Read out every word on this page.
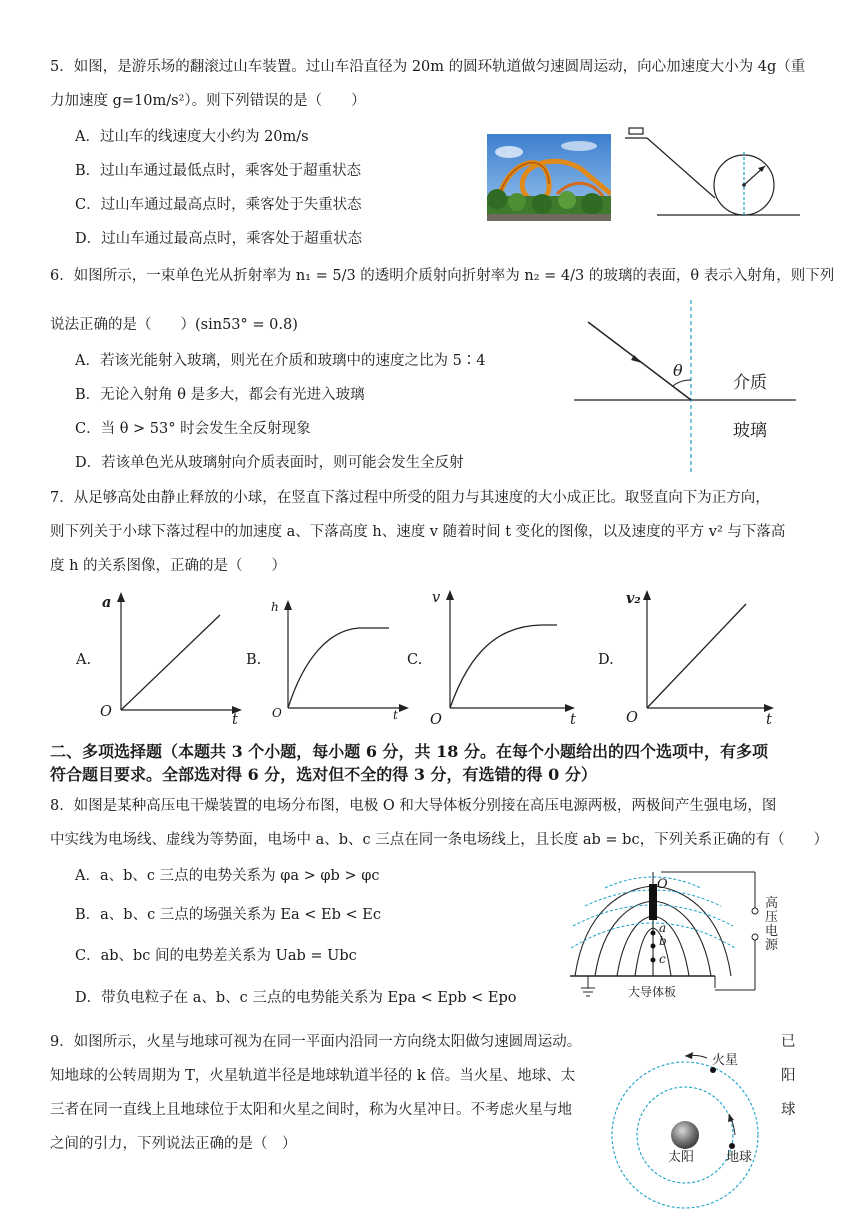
5．如图，是游乐场的翻滚过山车装置。过山车沿直径为 20m 的圆环轨道做匀速圆周运动，向心加速度大小为 4g（重
力加速度 g=10m/s²）。则下列错误的是（　　）
A．过山车的线速度大小约为 20m/s
B．过山车通过最低点时，乘客处于超重状态
C．过山车通过最高点时，乘客处于失重状态
D．过山车通过最高点时，乘客处于超重状态
6．如图所示，一束单色光从折射率为 n₁ = 5/3 的透明介质射向折射率为 n₂ = 4/3 的玻璃的表面，θ 表示入射角，则下列
说法正确的是（　　）(sin53° = 0.8)
A．若该光能射入玻璃，则光在介质和玻璃中的速度之比为 5∶4
B．无论入射角 θ 是多大，都会有光进入玻璃
C．当 θ > 53° 时会发生全反射现象
D．若该单色光从玻璃射向介质表面时，则可能会发生全反射
θ
介质
玻璃
7．从足够高处由静止释放的小球，在竖直下落过程中所受的阻力与其速度的大小成正比。取竖直向下为正方向，
则下列关于小球下落过程中的加速度 a、下落高度 h、速度 v 随着时间 t 变化的图像，以及速度的平方 v² 与下落高
度 h 的关系图像，正确的是（　　）
A.
a
t
O
B.
h
t
O
C.
v
t
O
D.
v₂
t
O
二、多项选择题（本题共 3 个小题，每小题 6 分，共 18 分。在每个小题给出的四个选项中，有多项
符合题目要求。全部选对得 6 分，选对但不全的得 3 分，有选错的得 0 分）
8．如图是某种高压电干燥装置的电场分布图，电极 O 和大导体板分别接在高压电源两极，两极间产生强电场，图
中实线为电场线、虚线为等势面，电场中 a、b、c 三点在同一条电场线上，且长度 ab = bc，下列关系正确的有（　　）
A．a、b、c 三点的电势关系为 φa > φb > φc
B．a、b、c 三点的场强关系为 Ea < Eb < Ec
C．ab、bc 间的电势差关系为 Uab = Ubc
D．带负电粒子在 a、b、c 三点的电势能关系为 Epa < Epb < Epo
O
a
b
c
高压电源
大导体板
9．如图所示，火星与地球可视为在同一平面内沿同一方向绕太阳做匀速圆周运动。	已
知地球的公转周期为 T，火星轨道半径是地球轨道半径的 k 倍。当火星、地球、太	阳
三者在同一直线上且地球位于太阳和火星之间时，称为火星冲日。不考虑火星与地	球
之间的引力，下列说法正确的是（　）
火星
太阳 地球
